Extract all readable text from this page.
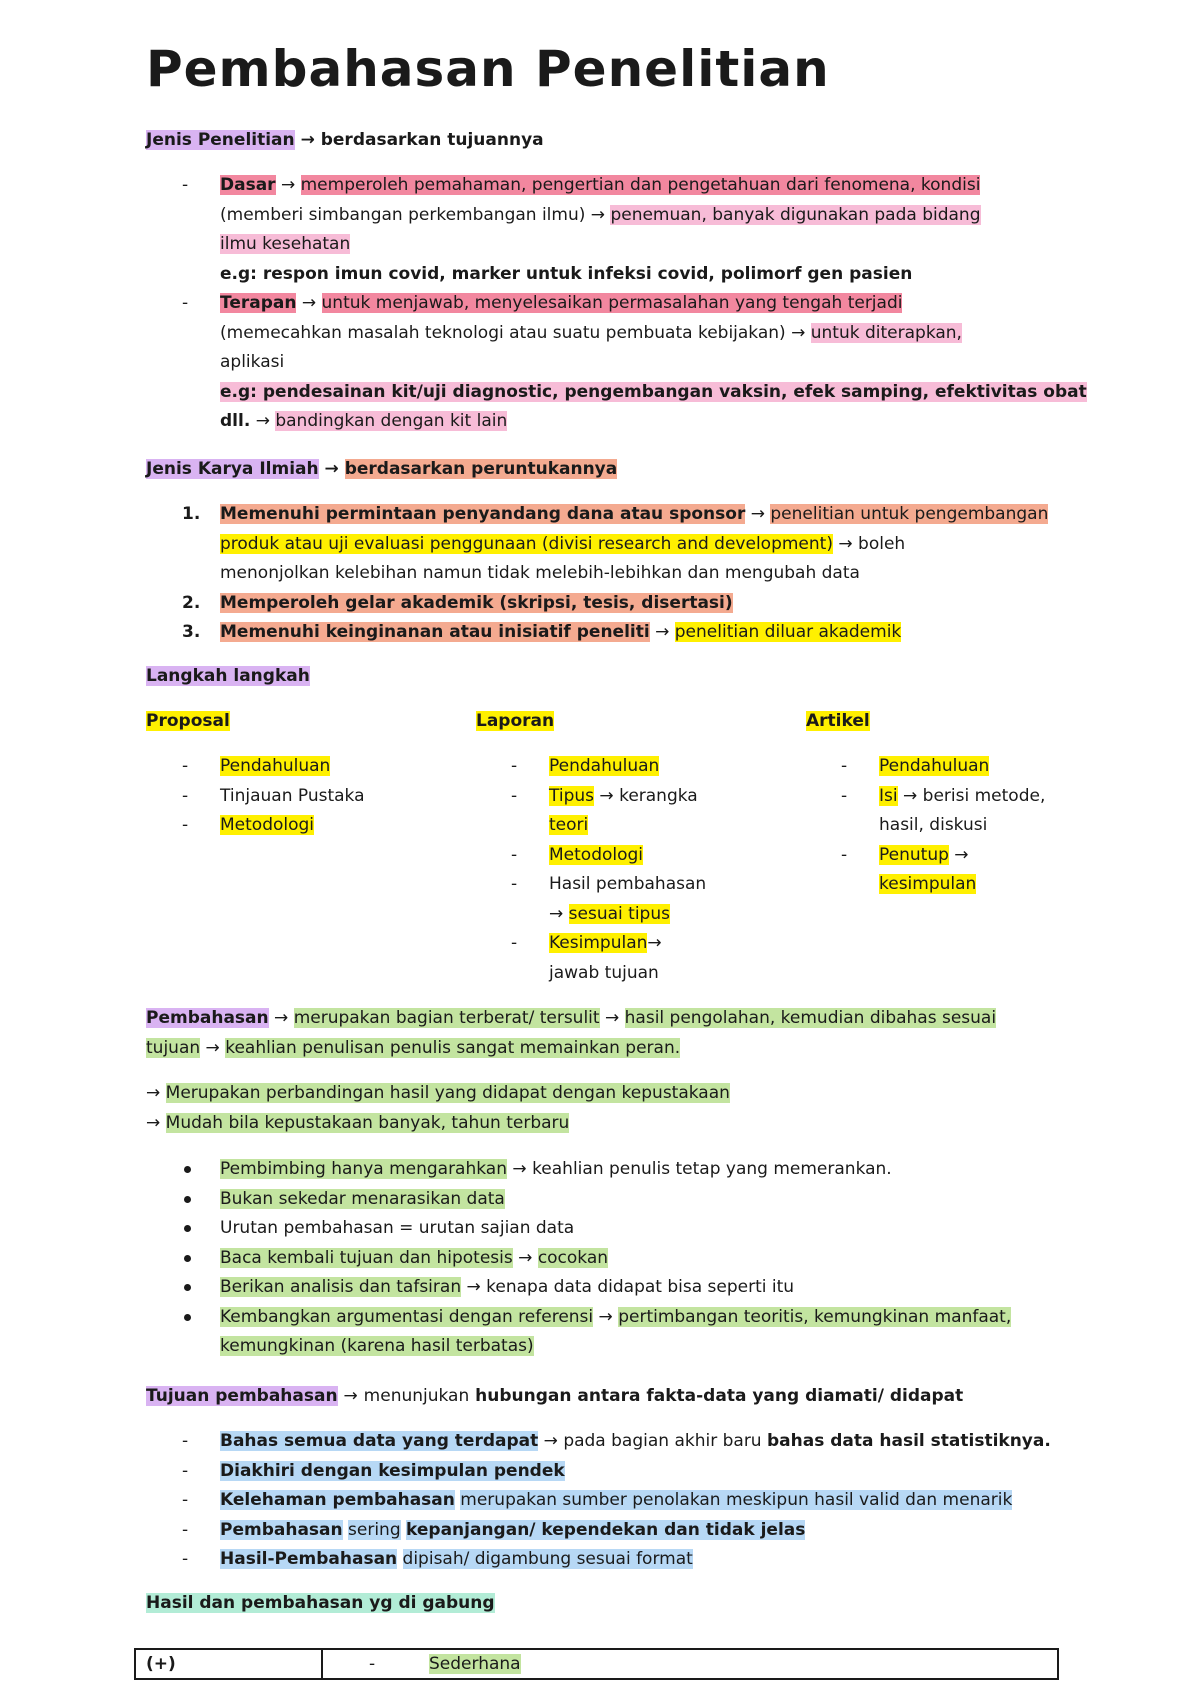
Pembahasan Penelitian

Jenis Penelitian → berdasarkan tujuannya

-	Dasar → memperoleh pemahaman, pengertian dan pengetahuan dari fenomena, kondisi
(memberi simbangan perkembangan ilmu) → penemuan, banyak digunakan pada bidang
ilmu kesehatan
e.g: respon imun covid, marker untuk infeksi covid, polimorf gen pasien
-	Terapan → untuk menjawab, menyelesaikan permasalahan yang tengah terjadi
(memecahkan masalah teknologi atau suatu pembuata kebijakan) → untuk diterapkan,
aplikasi
e.g: pendesainan kit/uji diagnostic, pengembangan vaksin, efek samping, efektivitas obat
dll. → bandingkan dengan kit lain

Jenis Karya Ilmiah → berdasarkan peruntukannya

1. Memenuhi permintaan penyandang dana atau sponsor → penelitian untuk pengembangan
produk atau uji evaluasi penggunaan (divisi research and development) → boleh
menonjolkan kelebihan namun tidak melebih-lebihkan dan mengubah data
2. Memperoleh gelar akademik (skripsi, tesis, disertasi)
3. Memenuhi keinginanan atau inisiatif peneliti → penelitian diluar akademik

Langkah langkah

Proposal	Laporan	Artikel

-	Pendahuluan
-	Tinjauan Pustaka
-	Metodologi
-	Pendahuluan
-	Tipus → kerangka
teori
-	Metodologi
-	Hasil pembahasan
→ sesuai tipus
-	Kesimpulan→
jawab tujuan
-	Pendahuluan
-	Isi → berisi metode,
hasil, diskusi
-	Penutup →
kesimpulan
Pembahasan → merupakan bagian terberat/ tersulit → hasil pengolahan, kemudian dibahas sesuai
tujuan → keahlian penulisan penulis sangat memainkan peran.
→ Merupakan perbandingan hasil yang didapat dengan kepustakaan
→ Mudah bila kepustakaan banyak, tahun terbaru
Pembimbing hanya mengarahkan → keahlian penulis tetap yang memerankan.
Bukan sekedar menarasikan data
Urutan pembahasan = urutan sajian data
Baca kembali tujuan dan hipotesis → cocokan
Berikan analisis dan tafsiran → kenapa data didapat bisa seperti itu
Kembangkan argumentasi dengan referensi → pertimbangan teoritis, kemungkinan manfaat,
kemungkinan (karena hasil terbatas)

Tujuan pembahasan → menunjukan hubungan antara fakta-data yang diamati/ didapat

-	Bahas semua data yang terdapat → pada bagian akhir baru bahas data hasil statistiknya.
-	Diakhiri dengan kesimpulan pendek
-	Kelehaman pembahasan merupakan sumber penolakan meskipun hasil valid dan menarik
-	Pembahasan sering kepanjangan/ kependekan dan tidak jelas
-	Hasil-Pembahasan dipisah/ digambung sesuai format

Hasil dan pembahasan yg di gabung

(+)	-	Sederhana
